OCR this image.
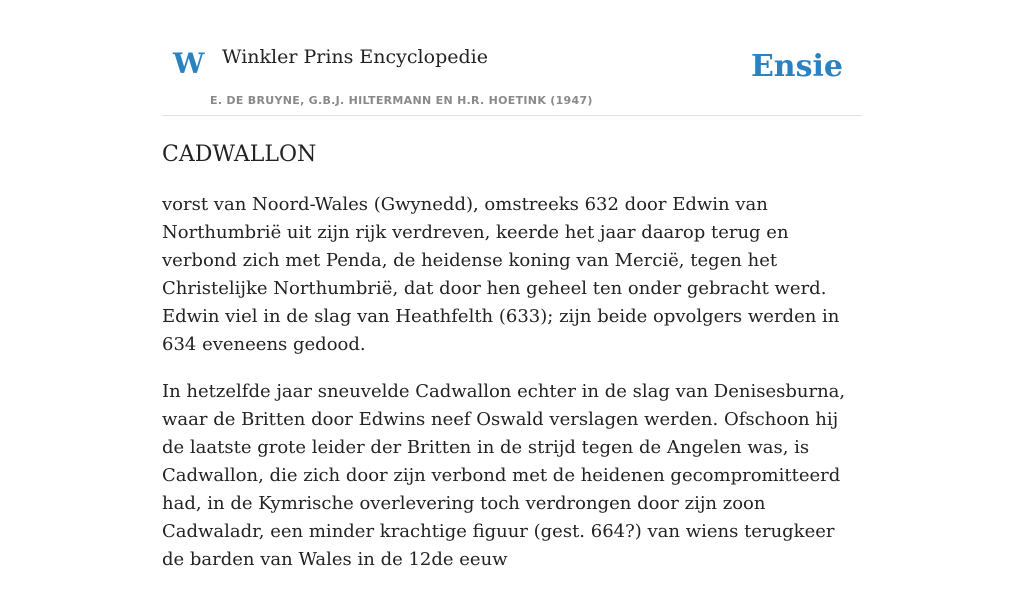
W Winkler Prins Encyclopedie
E. DE BRUYNE, G.B.J. HILTERMANN EN H.R. HOETINK (1947)
Ensie
CADWALLON

vorst van Noord-Wales (Gwynedd), omstreeks 632 door Edwin van Northumbrië uit zijn rijk verdreven, keerde het jaar daarop terug en verbond zich met Penda, de heidense koning van Mercië, tegen het Christelijke Northumbrië, dat door hen geheel ten onder gebracht werd. Edwin viel in de slag van Heathfelth (633); zijn beide opvolgers werden in 634 eveneens gedood.

In hetzelfde jaar sneuvelde Cadwallon echter in de slag van Denisesburna, waar de Britten door Edwins neef Oswald verslagen werden. Ofschoon hij de laatste grote leider der Britten in de strijd tegen de Angelen was, is Cadwallon, die zich door zijn verbond met de heidenen gecompromitteerd had, in de Kymrische overlevering toch verdrongen door zijn zoon Cadwaladr, een minder krachtige figuur (gest. 664?) van wiens terugkeer de barden van Wales in de 12de eeuw
